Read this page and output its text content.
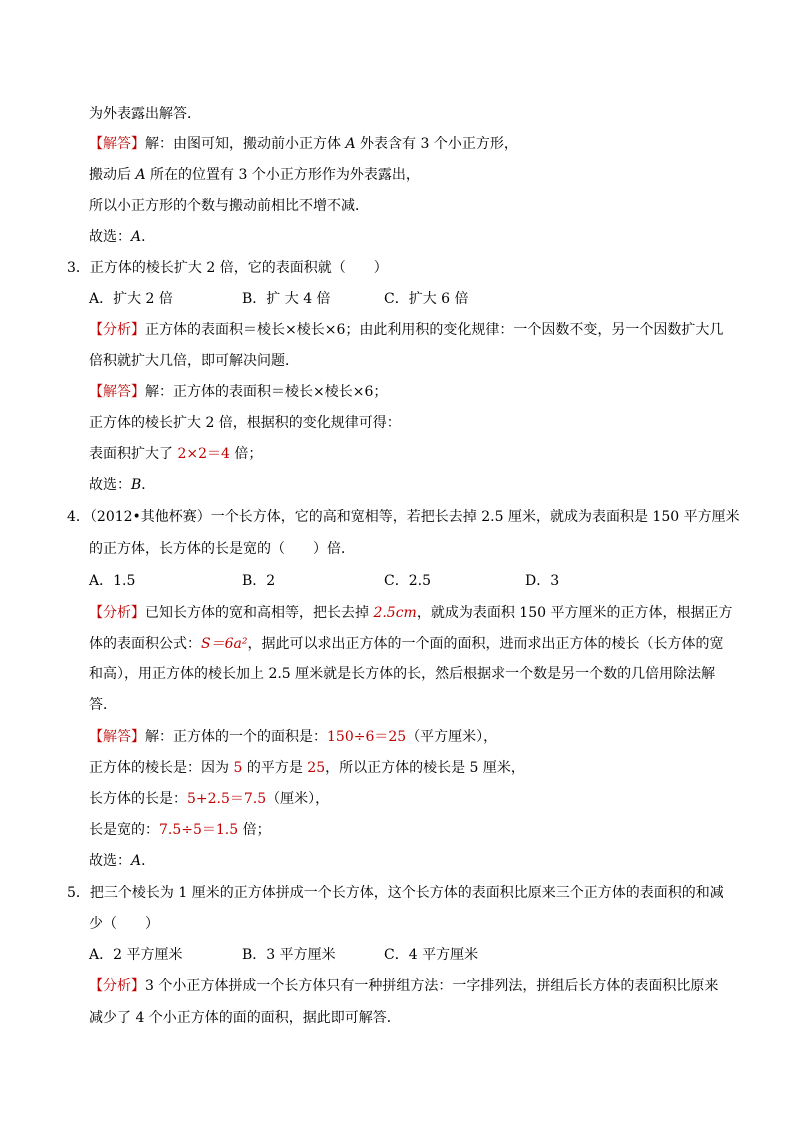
为外表露出解答．
【解答】解：由图可知，搬动前小正方体 A 外表含有 3 个小正方形，
搬动后 A 所在的位置有 3 个小正方形作为外表露出，
所以小正方形的个数与搬动前相比不增不减．
故选：A．
3．正方体的棱长扩大 2 倍，它的表面积就（　　）
A．扩大 2 倍	B．扩 大 4 倍	C．扩大 6 倍
【分析】正方体的表面积＝棱长×棱长×6；由此利用积的变化规律：一个因数不变，另一个因数扩大几
倍积就扩大几倍，即可解决问题．
【解答】解：正方体的表面积＝棱长×棱长×6；
正方体的棱长扩大 2 倍，根据积的变化规律可得：
表面积扩大了 2×2＝4 倍；
故选：B．
4．（2012•其他杯赛）一个长方体，它的高和宽相等，若把长去掉 2.5 厘米，就成为表面积是 150 平方厘米
的正方体，长方体的长是宽的（　　）倍．
A．1.5	B．2	C．2.5	D．3
【分析】已知长方体的宽和高相等，把长去掉 2.5cm，就成为表面积 150 平方厘米的正方体，根据正方
体的表面积公式：S＝6a²，据此可以求出正方体的一个面的面积，进而求出正方体的棱长（长方体的宽
和高），用正方体的棱长加上 2.5 厘米就是长方体的长，然后根据求一个数是另一个数的几倍用除法解
答．
【解答】解：正方体的一个的面积是：150÷6＝25（平方厘米），
正方体的棱长是：因为 5 的平方是 25，所以正方体的棱长是 5 厘米，
长方体的长是：5+2.5＝7.5（厘米），
长是宽的：7.5÷5＝1.5 倍；
故选：A．
5．把三个棱长为 1 厘米的正方体拼成一个长方体，这个长方体的表面积比原来三个正方体的表面积的和减
少（　　）
A．2 平方厘米	B．3 平方厘米	C．4 平方厘米
【分析】3 个小正方体拼成一个长方体只有一种拼组方法：一字排列法，拼组后长方体的表面积比原来
减少了 4 个小正方体的面的面积，据此即可解答．
